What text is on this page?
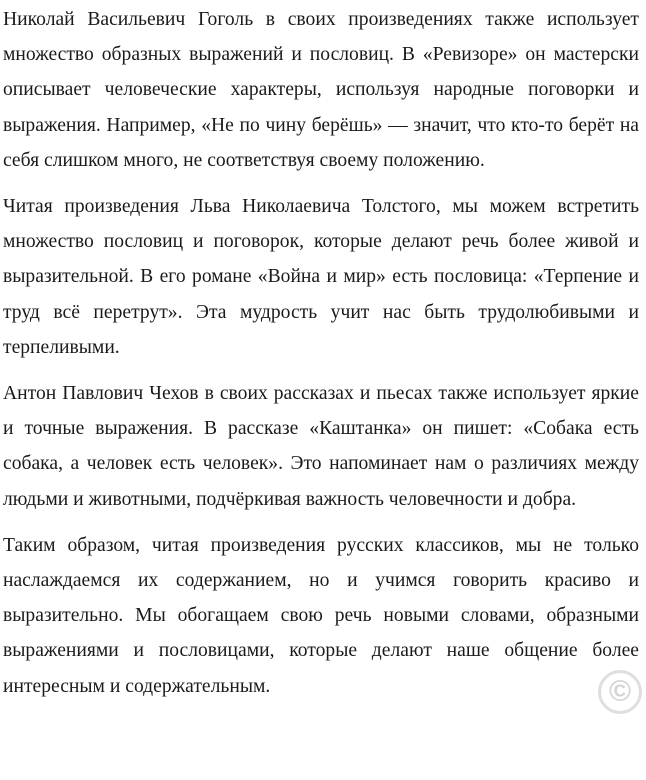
Николай Васильевич Гоголь в своих произведениях также использует множество образных выражений и пословиц. В «Ревизоре» он мастерски описывает человеческие характеры, используя народные поговорки и выражения. Например, «Не по чину берёшь» — значит, что кто-то берёт на себя слишком много, не соответствуя своему положению.

Читая произведения Льва Николаевича Толстого, мы можем встретить множество пословиц и поговорок, которые делают речь более живой и выразительной. В его романе «Война и мир» есть пословица: «Терпение и труд всё перетрут». Эта мудрость учит нас быть трудолюбивыми и терпеливыми.

Антон Павлович Чехов в своих рассказах и пьесах также использует яркие и точные выражения. В рассказе «Каштанка» он пишет: «Собака есть собака, а человек есть человек». Это напоминает нам о различиях между людьми и животными, подчёркивая важность человечности и добра.

Таким образом, читая произведения русских классиков, мы не только наслаждаемся их содержанием, но и учимся говорить красиво и выразительно. Мы обогащаем свою речь новыми словами, образными выражениями и пословицами, которые делают наше общение более интересным и содержательным.	©
